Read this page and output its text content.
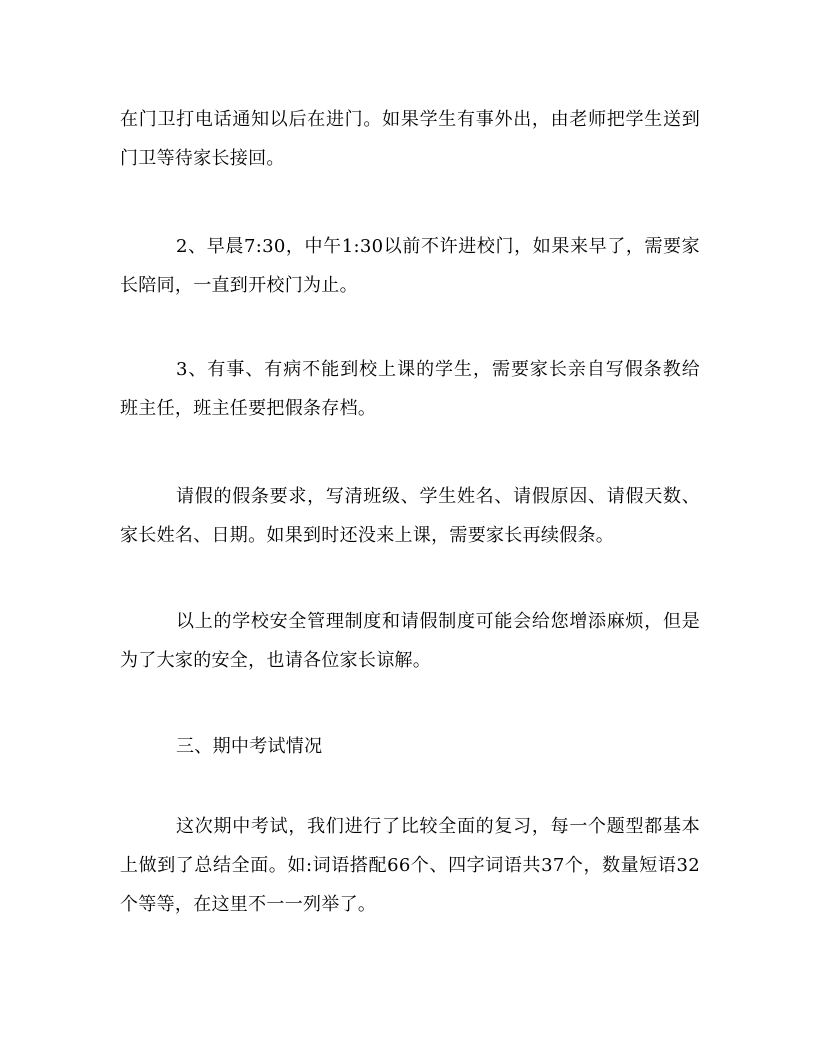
在门卫打电话通知以后在进门。如果学生有事外出，由老师把学生送到门卫等待家长接回。

2、早晨7:30，中午1:30以前不许进校门，如果来早了，需要家长陪同，一直到开校门为止。

3、有事、有病不能到校上课的学生，需要家长亲自写假条教给班主任，班主任要把假条存档。

请假的假条要求，写清班级、学生姓名、请假原因、请假天数、家长姓名、日期。如果到时还没来上课，需要家长再续假条。

以上的学校安全管理制度和请假制度可能会给您增添麻烦，但是为了大家的安全，也请各位家长谅解。

三、期中考试情况

这次期中考试，我们进行了比较全面的复习，每一个题型都基本上做到了总结全面。如:词语搭配66个、四字词语共37个，数量短语32个等等，在这里不一一列举了。
